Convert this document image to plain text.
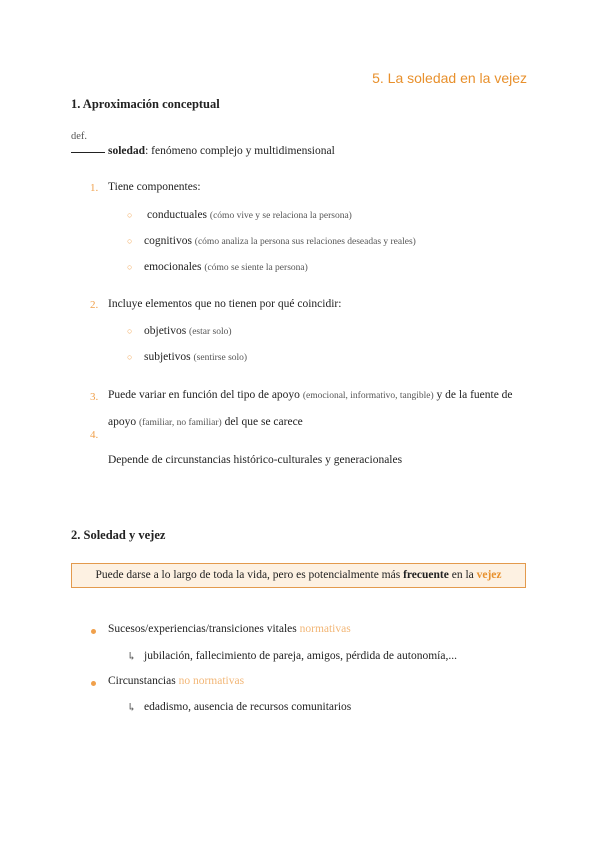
5. La soledad en la vejez
1. Aproximación conceptual
def.
soledad: fenómeno complejo y multidimensional
1. Tiene componentes:
○ conductuales (cómo vive y se relaciona la persona)
○ cognitivos (cómo analiza la persona sus relaciones deseadas y reales)
○ emocionales (cómo se siente la persona)
2. Incluye elementos que no tienen por qué coincidir:
○ objetivos (estar solo)
○ subjetivos (sentirse solo)
3. Puede variar en función del tipo de apoyo (emocional, informativo, tangible) y de la fuente de
apoyo (familiar, no familiar) del que se carece
4.
Depende de circunstancias histórico-culturales y generacionales
2. Soledad y vejez
Puede darse a lo largo de toda la vida, pero es potencialmente más frecuente en la vejez
Sucesos/experiencias/transiciones vitales normativas
↳ jubilación, fallecimiento de pareja, amigos, pérdida de autonomía,...
Circunstancias no normativas
↳ edadismo, ausencia de recursos comunitarios
